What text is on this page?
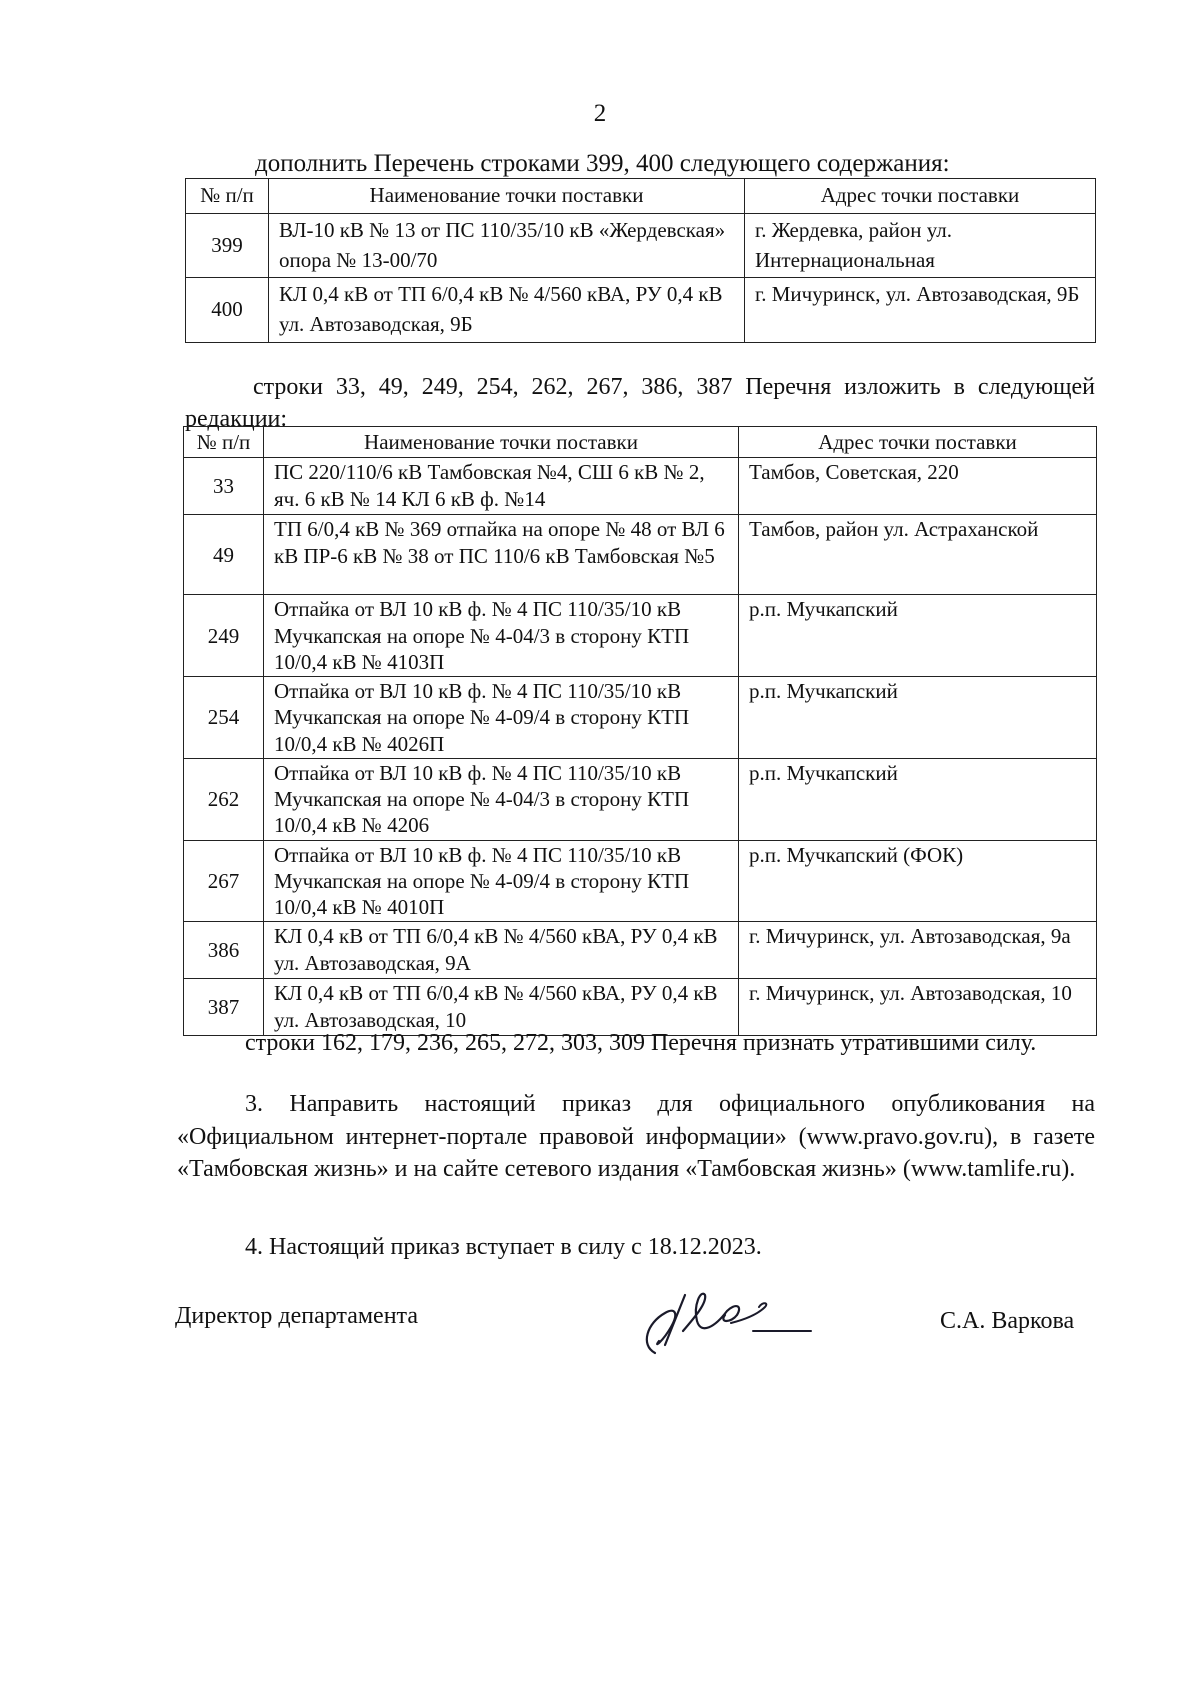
2
дополнить Перечень строками 399, 400 следующего содержания:
№ п/п	Наименование точки поставки	Адрес точки поставки
399	ВЛ-10 кВ № 13 от ПС 110/35/10 кВ «Жердевская» опора № 13-00/70	г. Жердевка, район ул. Интернациональная
400	КЛ 0,4 кВ от ТП 6/0,4 кВ № 4/560 кВА, РУ 0,4 кВ ул. Автозаводская, 9Б	г. Мичуринск, ул. Автозаводская, 9Б
строки 33, 49, 249, 254, 262, 267, 386, 387 Перечня изложить в следующей редакции:
№ п/п	Наименование точки поставки	Адрес точки поставки
33	ПС 220/110/6 кВ Тамбовская №4, СШ 6 кВ № 2, яч. 6 кВ № 14 КЛ 6 кВ ф. №14	Тамбов, Советская, 220
49	ТП 6/0,4 кВ № 369 отпайка на опоре № 48 от ВЛ 6 кВ ПР-6 кВ № 38 от ПС 110/6 кВ Тамбовская №5	Тамбов, район ул. Астраханской
249	Отпайка от ВЛ 10 кВ ф. № 4 ПС 110/35/10 кВ Мучкапская на опоре № 4-04/3 в сторону КТП 10/0,4 кВ № 4103П	р.п. Мучкапский
254	Отпайка от ВЛ 10 кВ ф. № 4 ПС 110/35/10 кВ Мучкапская на опоре № 4-09/4 в сторону КТП 10/0,4 кВ № 4026П	р.п. Мучкапский
262	Отпайка от ВЛ 10 кВ ф. № 4 ПС 110/35/10 кВ Мучкапская на опоре № 4-04/3 в сторону КТП 10/0,4 кВ № 4206	р.п. Мучкапский
267	Отпайка от ВЛ 10 кВ ф. № 4 ПС 110/35/10 кВ Мучкапская на опоре № 4-09/4 в сторону КТП 10/0,4 кВ № 4010П	р.п. Мучкапский (ФОК)
386	КЛ 0,4 кВ от ТП 6/0,4 кВ № 4/560 кВА, РУ 0,4 кВ ул. Автозаводская, 9А	г. Мичуринск, ул. Автозаводская, 9а
387	КЛ 0,4 кВ от ТП 6/0,4 кВ № 4/560 кВА, РУ 0,4 кВ ул. Автозаводская, 10	г. Мичуринск, ул. Автозаводская, 10
строки 162, 179, 236, 265, 272, 303, 309 Перечня признать утратившими силу.
3. Направить настоящий приказ для официального опубликования на «Официальном интернет-портале правовой информации» (www.pravo.gov.ru), в газете «Тамбовская жизнь» и на сайте сетевого издания «Тамбовская жизнь» (www.tamlife.ru).
4. Настоящий приказ вступает в силу с 18.12.2023.
Директор департамента	С.А. Варкова
